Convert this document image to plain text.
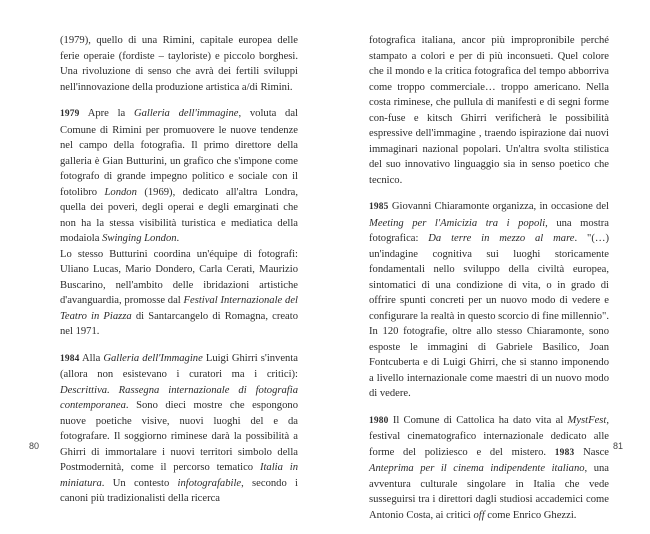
(1979), quello di una Rimini, capitale europea delle ferie operaie (fordiste – tayloriste) e piccolo borghesi. Una rivoluzione di senso che avrà dei fertili sviluppi nell'innovazione della produzione artistica a/di Rimini.

1979 Apre la Galleria dell'immagine, voluta dal Comune di Rimini per promuovere le nuove tendenze nel campo della fotografia. Il primo direttore della galleria è Gian Butturini, un grafico che s'impone come fotografo di grande impegno politico e sociale con il fotolibro London (1969), dedicato all'altra Londra, quella dei poveri, degli operai e degli emarginati che non ha la stessa visibilità turistica e mediatica della modaiola Swinging London.

Lo stesso Butturini coordina un'équipe di fotografi: Uliano Lucas, Mario Dondero, Carla Cerati, Maurizio Buscarino, nell'ambito delle ibridazioni artistiche d'avanguardia, promosse dal Festival Internazionale del Teatro in Piazza di Santarcangelo di Romagna, creato nel 1971.

1984 Alla Galleria dell'Immagine Luigi Ghirri s'inventa (allora non esistevano i curatori ma i critici): Descrittiva. Rassegna internazionale di fotografia contemporanea. Sono dieci mostre che espongono nuove poetiche visive, nuovi luoghi del e da fotografare. Il soggiorno riminese darà la possibilità a Ghirri di immortalare i nuovi territori simbolo della Postmodernità, come il percorso tematico Italia in miniatura. Un contesto infotografabile, secondo i canoni più tradizionalisti della ricerca

fotografica italiana, ancor più impropronibile perché stampato a colori e per di più inconsueti. Quel colore che il mondo e la critica fotografica del tempo abborriva come troppo commerciale… troppo americano. Nella costa riminese, che pullula di manifesti e di segni forme con-fuse e kitsch Ghirri verificherà le possibilità espressive dell'immagine , traendo ispirazione dai nuovi immaginari nazional popolari. Un'altra svolta stilistica del suo innovativo linguaggio sia in senso poetico che tecnico.

1985 Giovanni Chiaramonte organizza, in occasione del Meeting per l'Amicizia tra i popoli, una mostra fotografica: Da terre in mezzo al mare. "(…) un'indagine cognitiva sui luoghi storicamente fondamentali nello sviluppo della civiltà europea, sintomatici di una condizione di vita, o in grado di offrire spunti concreti per un nuovo modo di vedere e configurare la realtà in questo scorcio di fine millennio". In 120 fotografie, oltre allo stesso Chiaramonte, sono esposte le immagini di Gabriele Basilico, Joan Fontcuberta e di Luigi Ghirri, che si stanno imponendo a livello internazionale come maestri di un nuovo modo di vedere.

1980 Il Comune di Cattolica ha dato vita al MystFest, festival cinematografico internazionale dedicato alle forme del poliziesco e del mistero. 1983 Nasce Anteprima per il cinema indipendente italiano, una avventura culturale singolare in Italia che vede susseguirsi tra i direttori dagli studiosi accademici come Antonio Costa, ai critici off come Enrico Ghezzi.

80	81
